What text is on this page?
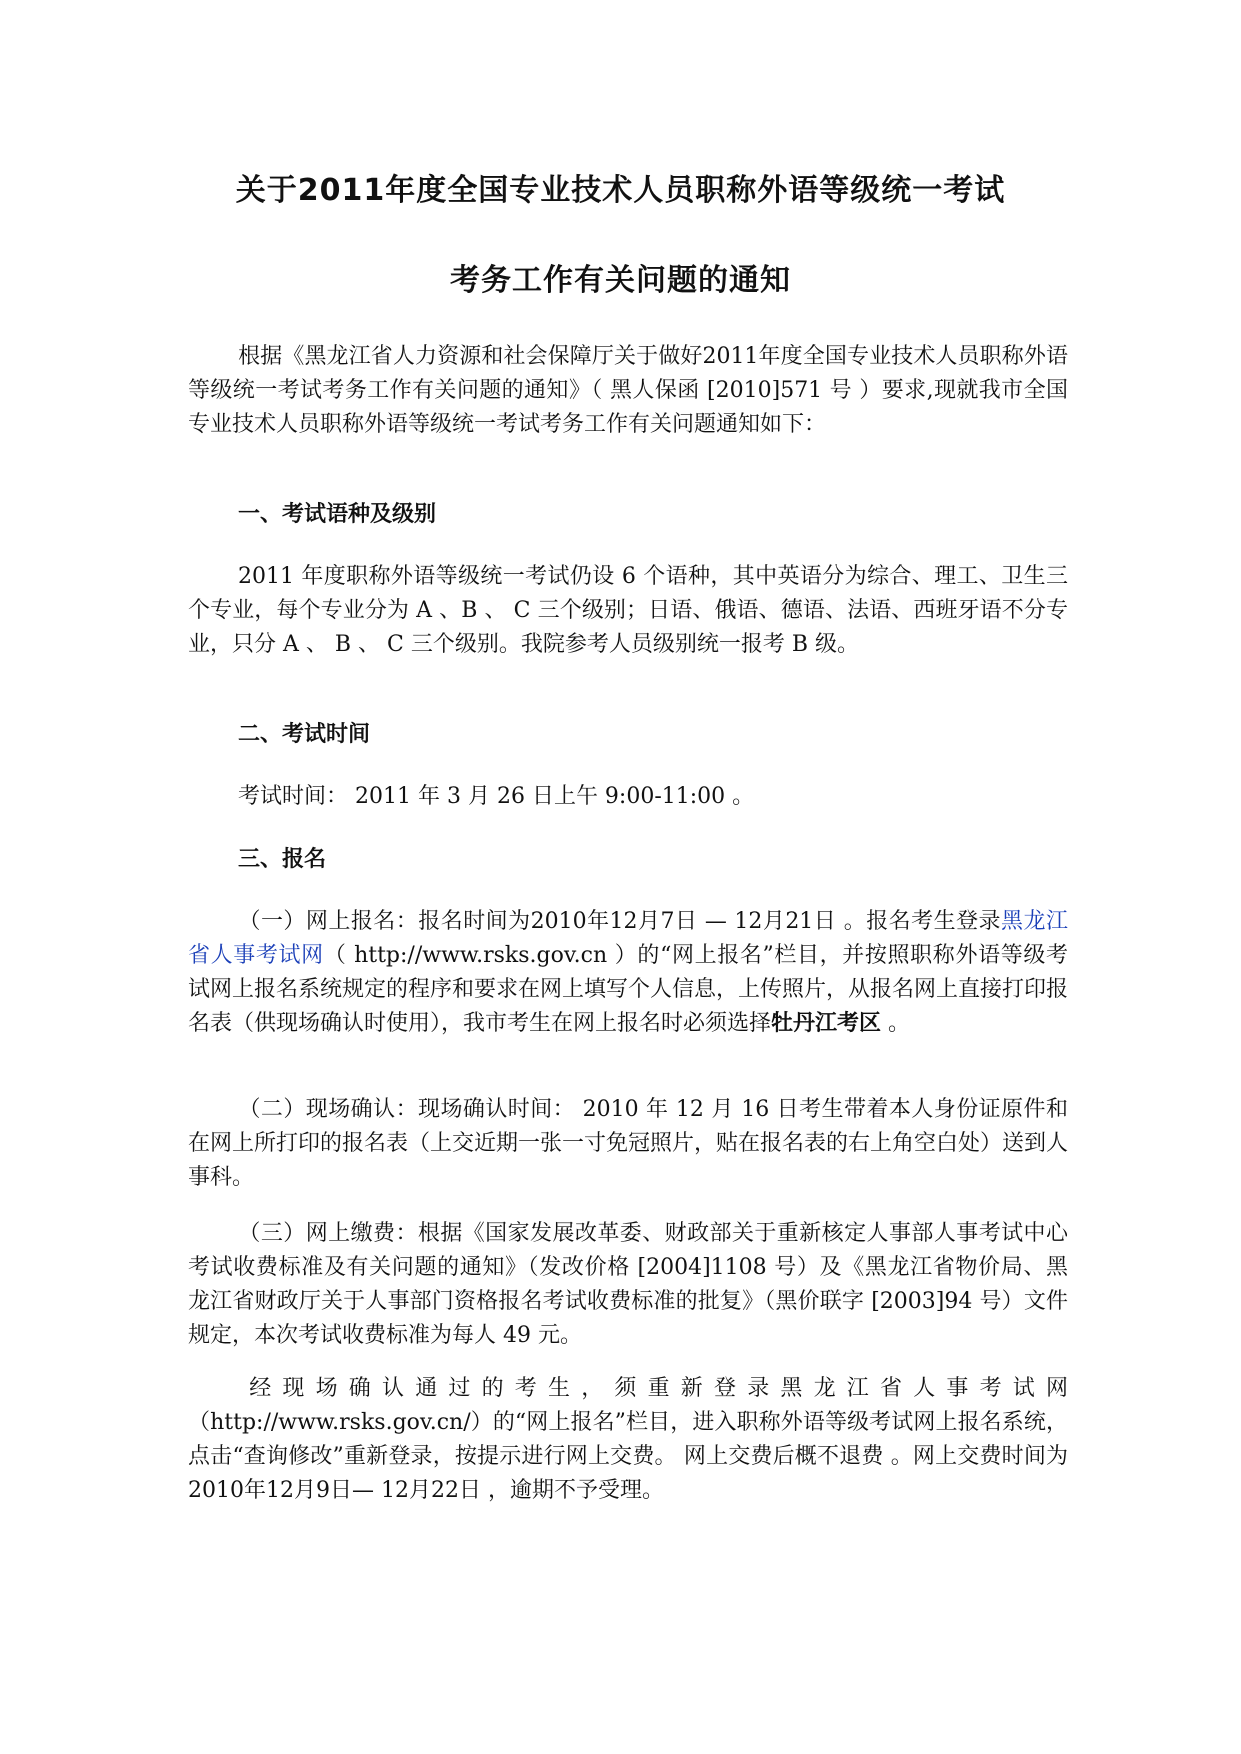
关于2011年度全国专业技术人员职称外语等级统一考试
考务工作有关问题的通知

根据《黑龙江省人力资源和社会保障厅关于做好2011年度全国专业技术人员职称外语等级统一考试考务工作有关问题的通知》（ 黑人保函 [2010]571 号 ）要求,现就我市全国专业技术人员职称外语等级统一考试考务工作有关问题通知如下：

一、考试语种及级别

2011 年度职称外语等级统一考试仍设 6 个语种，其中英语分为综合、理工、卫生三个专业，每个专业分为 A 、B 、 C 三个级别；日语、俄语、德语、法语、西班牙语不分专业，只分 A 、 B 、 C 三个级别。我院参考人员级别统一报考 B 级。

二、考试时间

考试时间： 2011 年 3 月 26 日上午 9:00-11:00 。

三、报名

（一）网上报名：报名时间为2010年12月7日 — 12月21日 。报名考生登录黑龙江省人事考试网（ http://www.rsks.gov.cn ）的“网上报名”栏目，并按照职称外语等级考试网上报名系统规定的程序和要求在网上填写个人信息，上传照片，从报名网上直接打印报名表（供现场确认时使用），我市考生在网上报名时必须选择牡丹江考区 。

（二）现场确认：现场确认时间： 2010 年 12 月 16 日考生带着本人身份证原件和在网上所打印的报名表（上交近期一张一寸免冠照片，贴在报名表的右上角空白处）送到人事科。

（三）网上缴费：根据《国家发展改革委、财政部关于重新核定人事部人事考试中心考试收费标准及有关问题的通知》（发改价格 [2004]1108 号）及《黑龙江省物价局、黑龙江省财政厅关于人事部门资格报名考试收费标准的批复》（黑价联字 [2003]94 号）文件规定，本次考试收费标准为每人 49 元。

经现场确认通过的考生，须重新登录黑龙江省人事考试网（http://www.rsks.gov.cn/）的“网上报名”栏目，进入职称外语等级考试网上报名系统，点击“查询修改”重新登录，按提示进行网上交费。 网上交费后概不退费 。网上交费时间为2010年12月9日— 12月22日 ，逾期不予受理。
